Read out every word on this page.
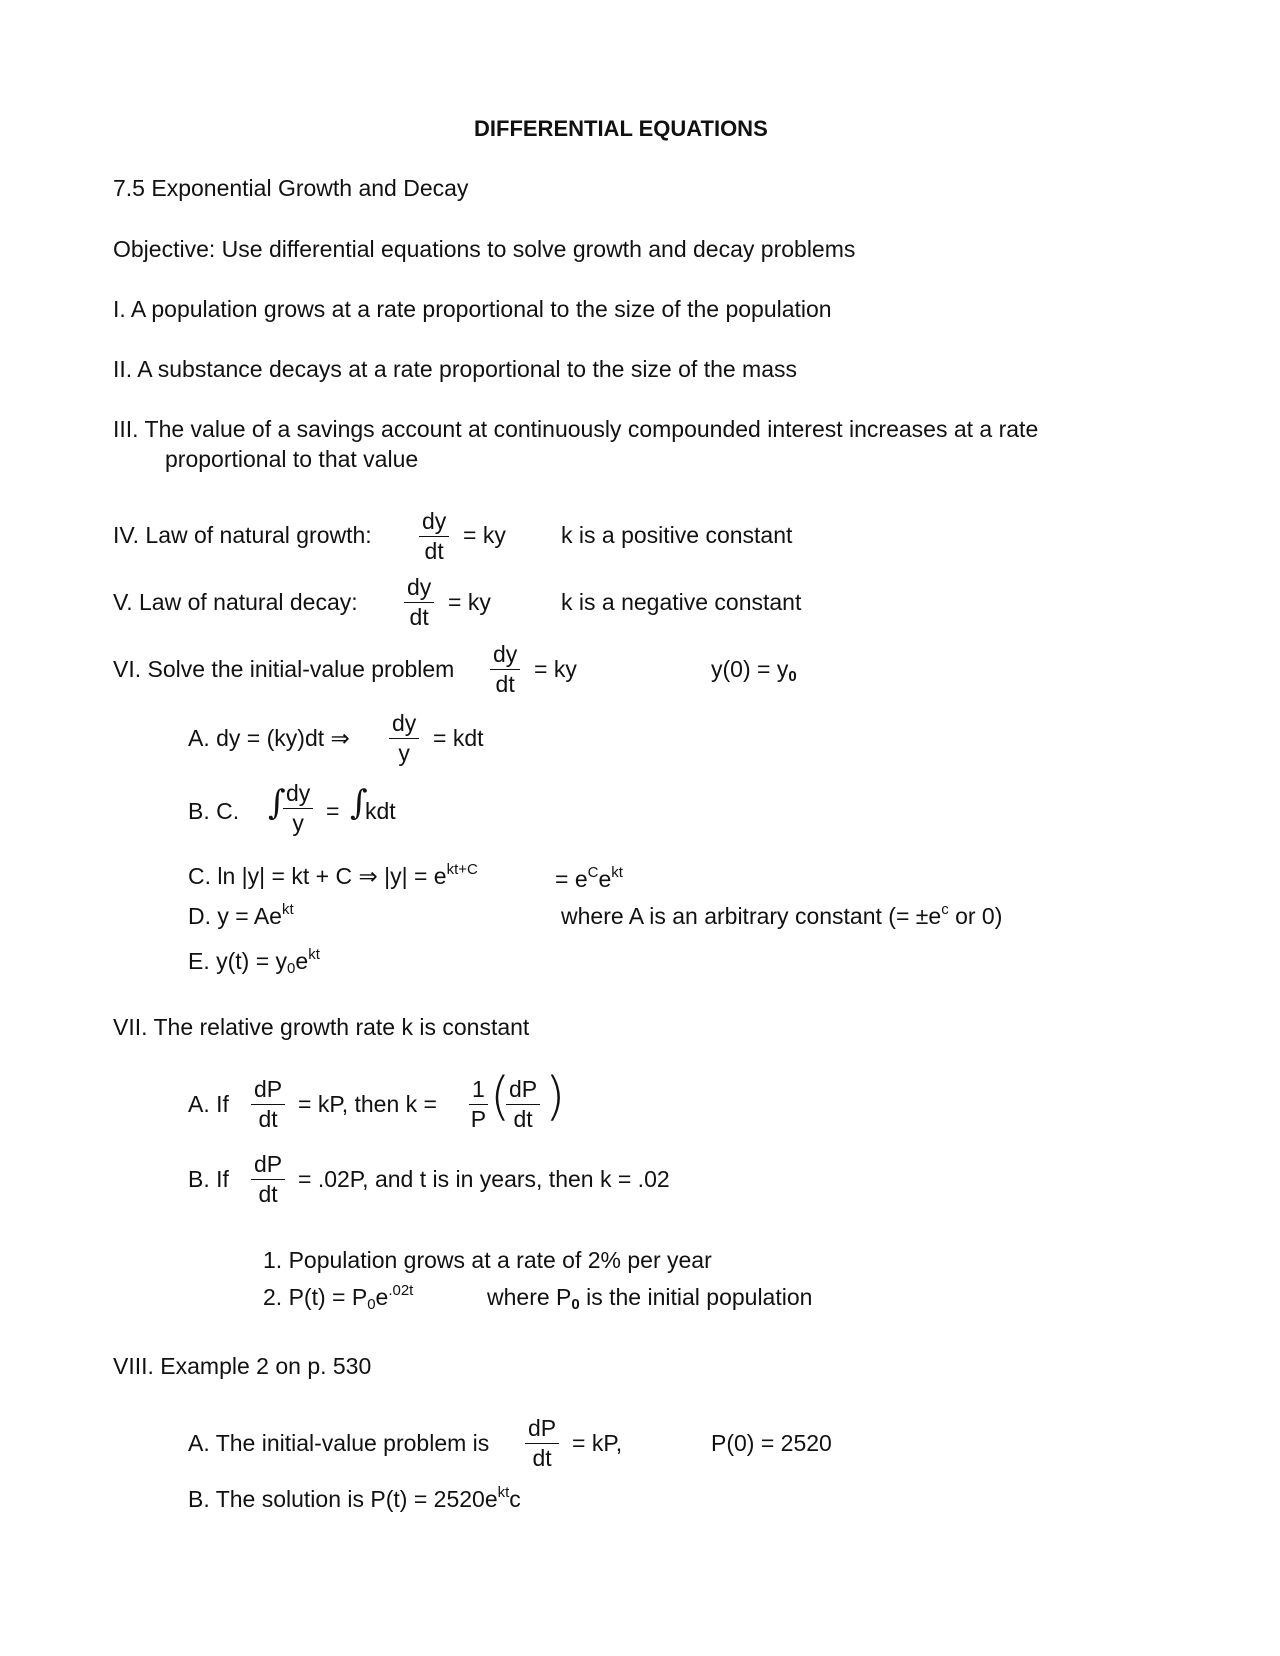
DIFFERENTIAL EQUATIONS
7.5 Exponential Growth and Decay
Objective: Use differential equations to solve growth and decay problems
I. A population grows at a rate proportional to the size of the population
II. A substance decays at a rate proportional to the size of the mass
III. The value of a savings account at continuously compounded interest increases at a rate
proportional to that value
IV. Law of natural growth:
dy
dt
= ky k is a positive constant
V. Law of natural decay:
dy
dt
= ky	k is a negative constant
VI. Solve the initial-value problem
dy
dt
= ky	$y(0) = y_0$
A. dy = (ky)dt ⇒
dy
y
= kdt
B. C. ∫ dy
y = ∫
kdt
C. ln |y| = kt + C ⇒ $|y| = e^{kt+C}$	= $e^Ce^{kt}$
D. $y = Ae^{kt}$	where A is an arbitrary constant (= $\pm e^c$ or 0)
E. $y(t) = y_0e^{kt}$
VII. The relative growth rate k is constant
A. If
dP
dt
= kP, then k =
1
P (
dP
dt )
B. If
dP
dt
= .02P, and t is in years, then k = .02
1. Population grows at a rate of 2% per year
2. $P(t) = P_0e^{.02t}$	where $P_0$ is the initial population
VIII. Example 2 on p. 530
A. The initial-value problem is
dP
dt
= kP,	P(0) = 2520
B. The solution is $P(t) = 2520e^{kt}c$
